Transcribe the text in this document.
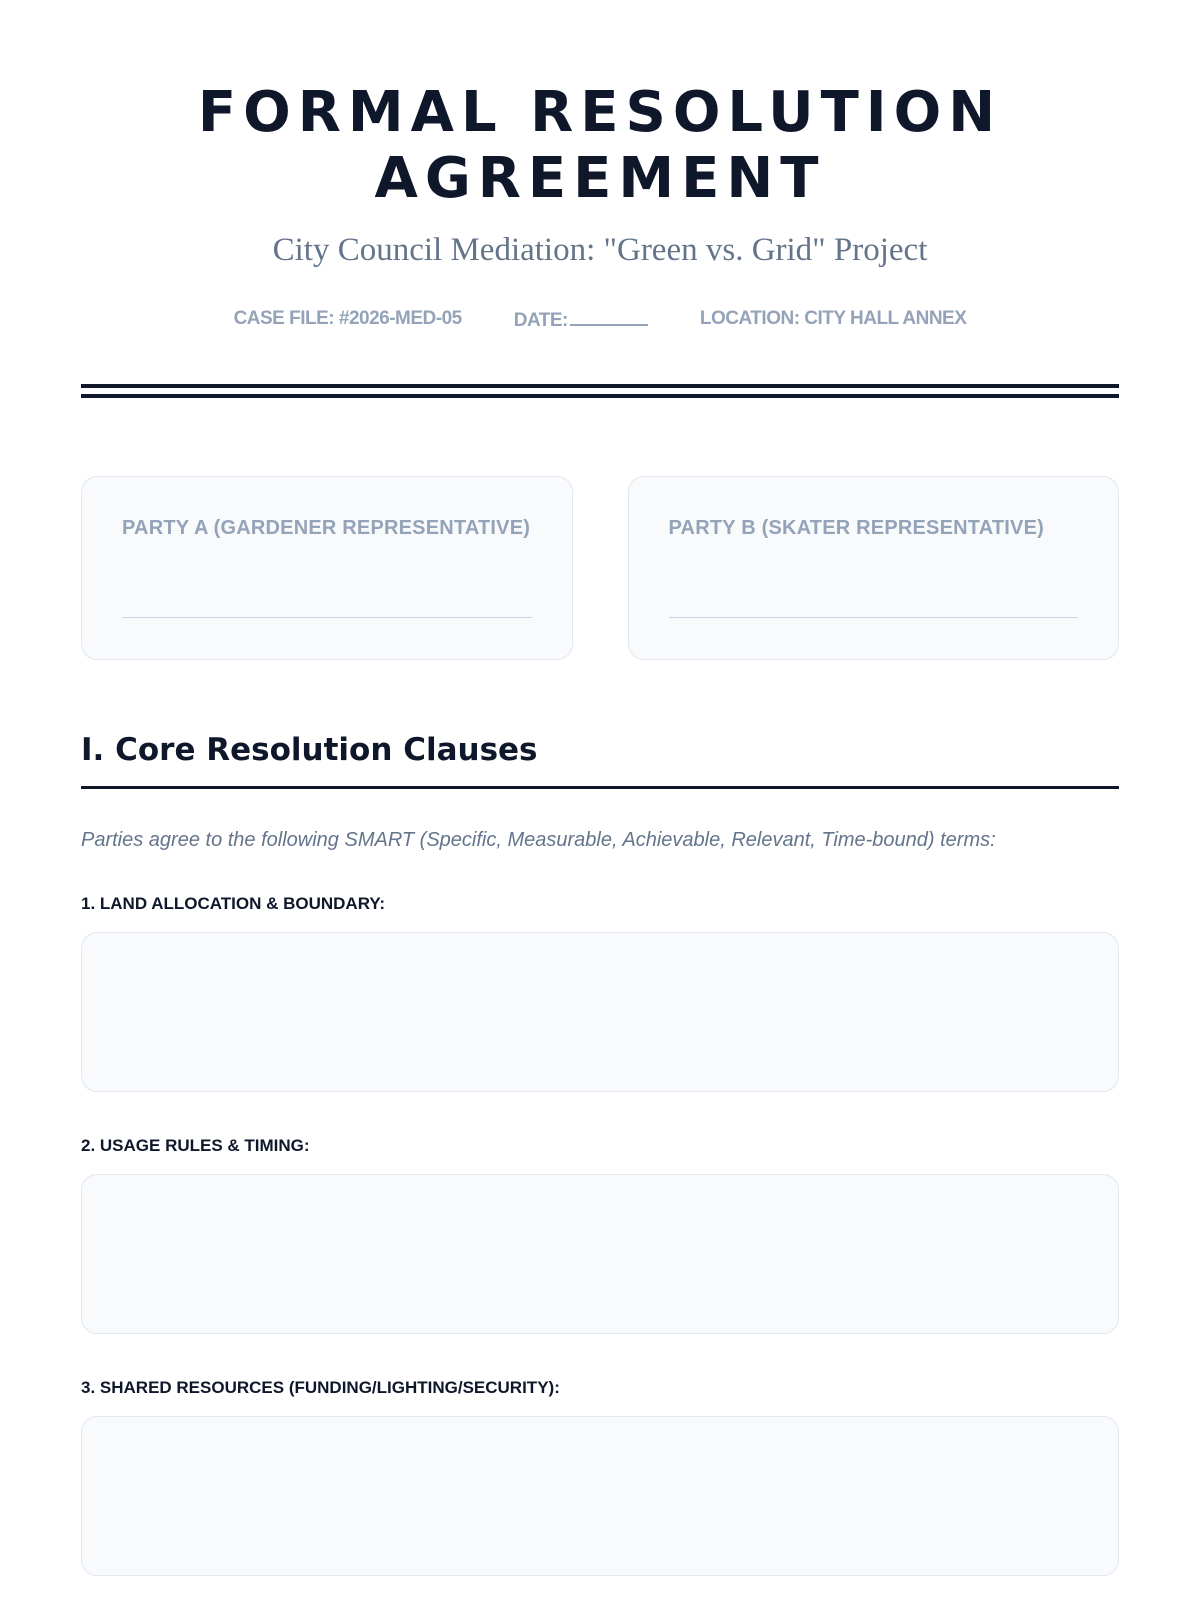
FORMAL RESOLUTION
AGREEMENT

City Council Mediation: "Green vs. Grid" Project

CASE FILE: #2026-MED-05	DATE:	LOCATION: CITY HALL ANNEX
PARTY A (GARDENER REPRESENTATIVE)	PARTY B (SKATER REPRESENTATIVE)
I. Core Resolution Clauses

Parties agree to the following SMART (Specific, Measurable, Achievable, Relevant, Time-bound) terms:

1. LAND ALLOCATION & BOUNDARY:
2. USAGE RULES & TIMING:
3. SHARED RESOURCES (FUNDING/LIGHTING/SECURITY):
